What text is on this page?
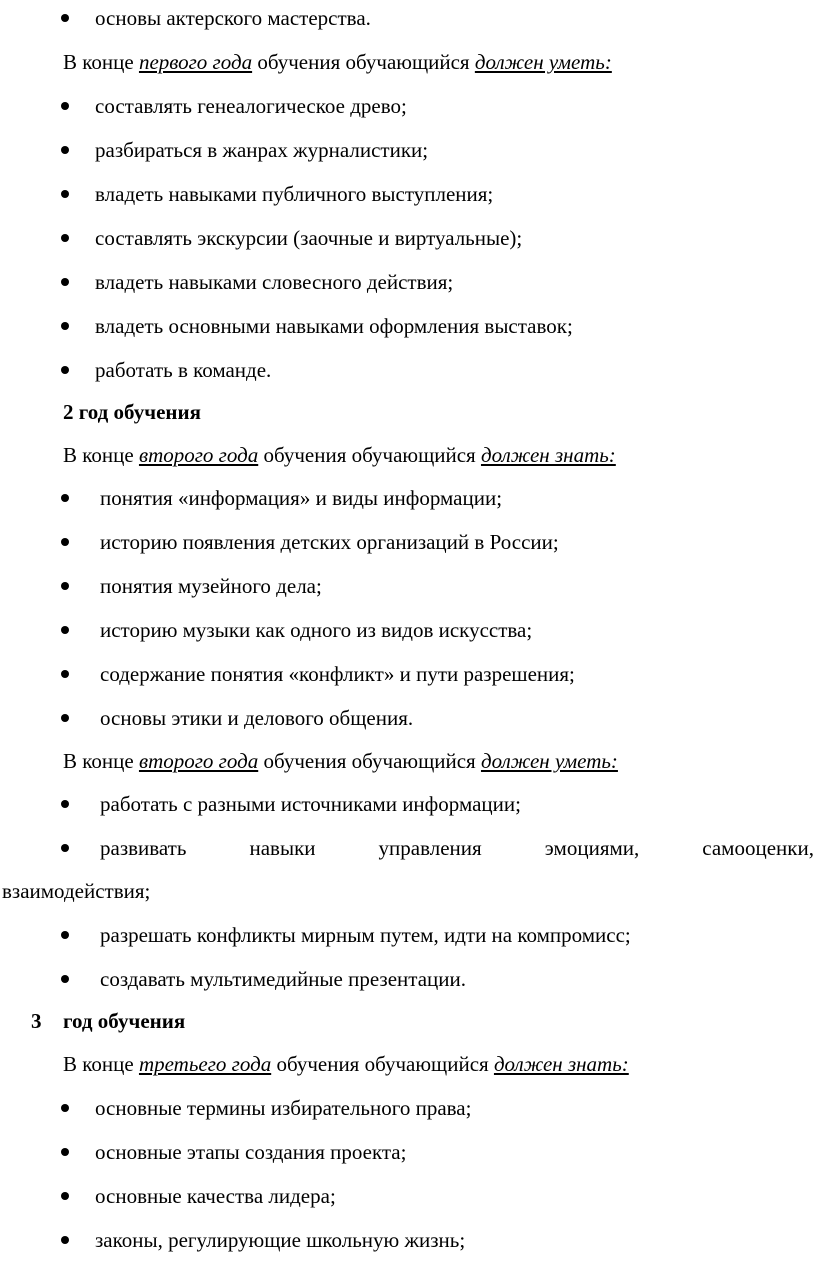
основы актерского мастерства.
В конце первого года обучения обучающийся должен уметь:
составлять генеалогическое древо;
разбираться в жанрах журналистики;
владеть навыками публичного выступления;
составлять экскурсии (заочные и виртуальные);
владеть навыками словесного действия;
владеть основными навыками оформления выставок;
работать в команде.
2 год обучения
В конце второго года обучения обучающийся должен знать:
понятия «информация» и виды информации;
историю появления детских организаций в России;
понятия музейного дела;
историю музыки как одного из видов искусства;
содержание понятия «конфликт» и пути разрешения;
основы этики и делового общения.
В конце второго года обучения обучающийся должен уметь:
работать с разными источниками информации;
развивать	навыки	управления	эмоциями,	самооценки,
взаимодействия;
разрешать конфликты мирным путем, идти на компромисс;
создавать мультимедийные презентации.
3 год обучения
В конце третьего года обучения обучающийся должен знать:
основные термины избирательного права;
основные этапы создания проекта;
основные качества лидера;
законы, регулирующие школьную жизнь;
